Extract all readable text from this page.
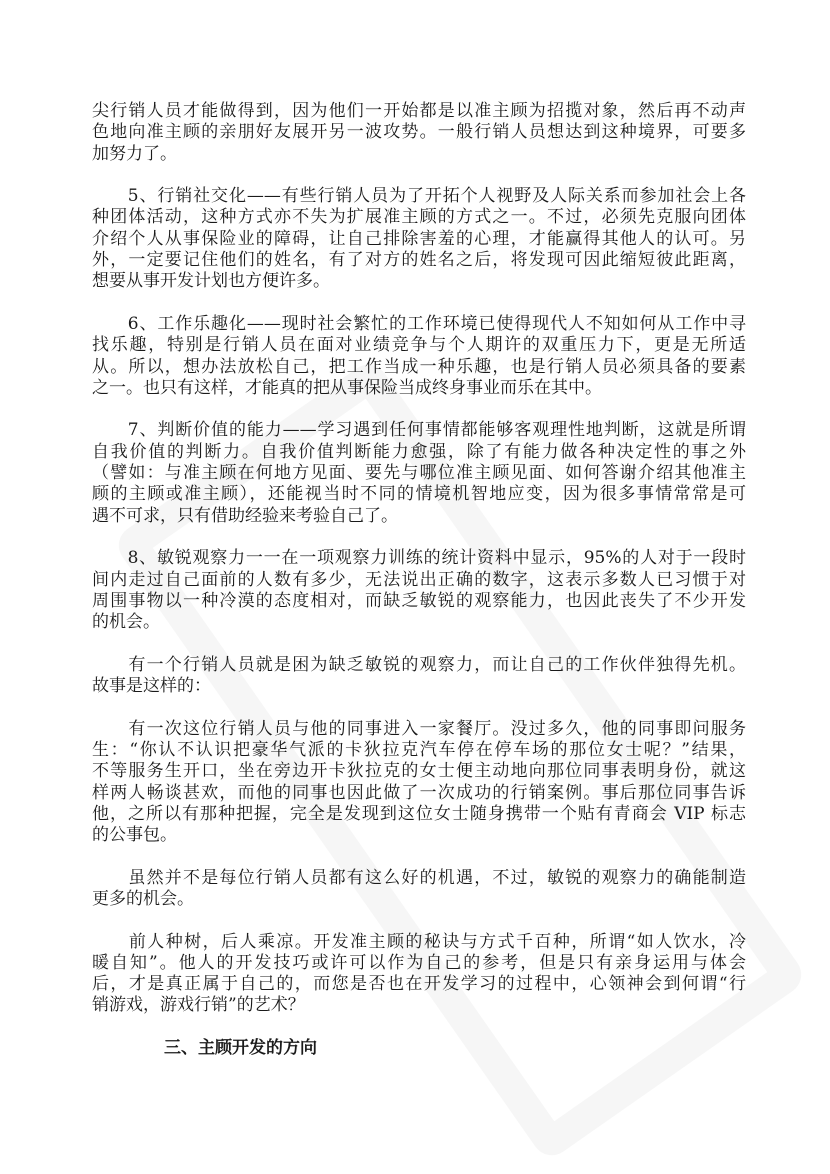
尖行销人员才能做得到，因为他们一开始都是以准主顾为招揽对象，然后再不动声
色地向准主顾的亲朋好友展开另一波攻势。一般行销人员想达到这种境界，可要多
加努力了。
　　5、行销社交化——有些行销人员为了开拓个人视野及人际关系而参加社会上各
种团体活动，这种方式亦不失为扩展准主顾的方式之一。不过，必须先克服向团体
介绍个人从事保险业的障碍，让自己排除害羞的心理，才能赢得其他人的认可。另
外，一定要记住他们的姓名，有了对方的姓名之后，将发现可因此缩短彼此距离，
想要从事开发计划也方便许多。
　　6、工作乐趣化——现时社会繁忙的工作环境已使得现代人不知如何从工作中寻
找乐趣，特别是行销人员在面对业绩竞争与个人期许的双重压力下，更是无所适
从。所以，想办法放松自己，把工作当成一种乐趣，也是行销人员必须具备的要素
之一。也只有这样，才能真的把从事保险当成终身事业而乐在其中。
　　7、判断价值的能力——学习遇到任何事情都能够客观理性地判断，这就是所谓
自我价值的判断力。自我价值判断能力愈强，除了有能力做各种决定性的事之外
（譬如：与准主顾在何地方见面、要先与哪位准主顾见面、如何答谢介绍其他准主
顾的主顾或准主顾），还能视当时不同的情境机智地应变，因为很多事情常常是可
遇不可求，只有借助经验来考验自己了。
　　8、敏锐观察力一一在一项观察力训练的统计资料中显示，95%的人对于一段时
间内走过自己面前的人数有多少，无法说出正确的数字，这表示多数人已习惯于对
周围事物以一种冷漠的态度相对，而缺乏敏锐的观察能力，也因此丧失了不少开发
的机会。
　　有一个行销人员就是困为缺乏敏锐的观察力，而让自己的工作伙伴独得先机。
故事是这样的：
　　有一次这位行销人员与他的同事进入一家餐厅。没过多久，他的同事即问服务
生：“你认不认识把豪华气派的卡狄拉克汽车停在停车场的那位女士呢？”结果，
不等服务生开口，坐在旁边开卡狄拉克的女士便主动地向那位同事表明身份，就这
样两人畅谈甚欢，而他的同事也因此做了一次成功的行销案例。事后那位同事告诉
他，之所以有那种把握，完全是发现到这位女士随身携带一个贴有青商会 VIP 标志
的公事包。
　　虽然并不是每位行销人员都有这么好的机遇，不过，敏锐的观察力的确能制造
更多的机会。
　　前人种树，后人乘凉。开发准主顾的秘诀与方式千百种，所谓“如人饮水，冷
暖自知”。他人的开发技巧或许可以作为自己的参考，但是只有亲身运用与体会
后，才是真正属于自己的，而您是否也在开发学习的过程中，心领神会到何谓“行
销游戏，游戏行销”的艺术？
三、主顾开发的方向
